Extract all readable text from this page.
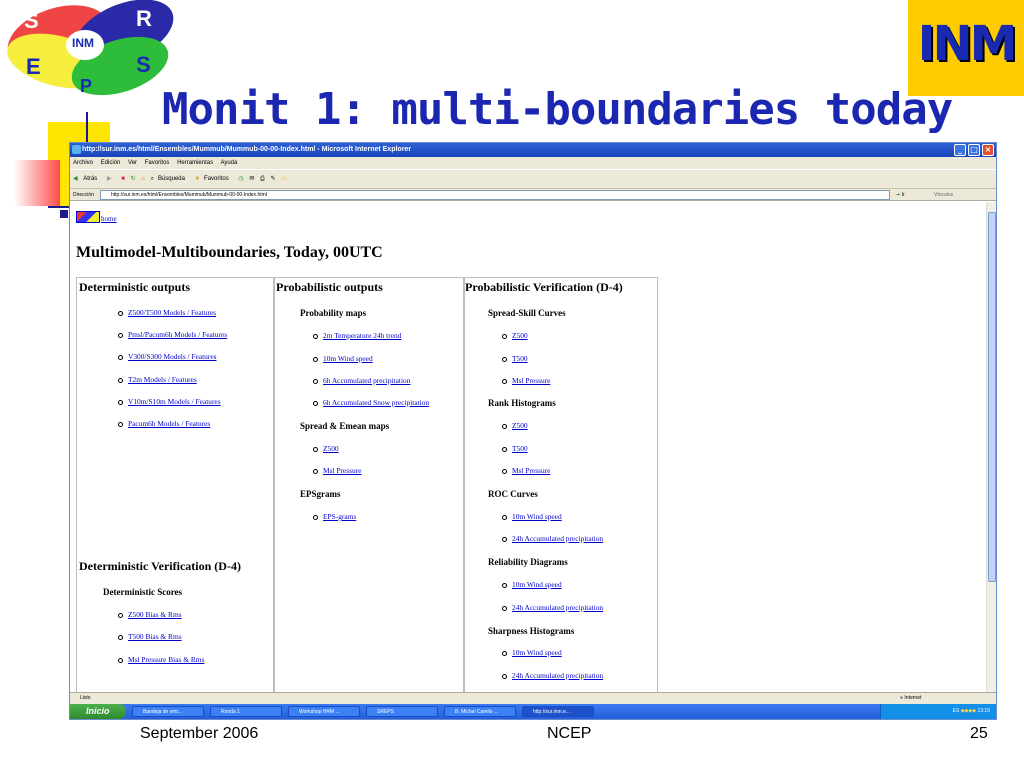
S	R
INM
E	S
P
INM
Monit 1: multi-boundaries today
http://sur.inm.es/html/Ensembles/Mummub/Mummub-00-00-Index.html - Microsoft Internet Explorer	_	□ ×
Archivo Edición Ver Favoritos Herramientas Ayuda
◀ Atrás ▶ ■ ↻ ⌂ ⌕ Búsqueda ★ Favoritos ◷ ✉ ⎙ ✎ ▭
Dirección	http://sur.inm.es/html/Ensembles/Mummub/Mummub-00-00-Index.html	➔ Ir	Vínculos
home
Multimodel-Multiboundaries, Today, 00UTC
Deterministic outputs
Z500/T500 Models / Features
Pmsl/Pacum6h Models / Features
V300/S300 Models / Features
T2m Models / Features
V10m/S10m Models / Features
Pacum6h Models / Features
Deterministic Verification (D-4)
Deterministic Scores
Z500 Bias & Rms
T500 Bias & Rms
Msl Pressure Bias & Rms
Probabilistic outputs
Probability maps
2m Temperature 24h trend
10m Wind speed
6h Accumulated precipitation
6h Accumulated Snow precipitation
Spread & Emean maps
Z500
Msl Pressure
EPSgrams
EPS-grams
Probabilistic Verification (D-4)
Spread-Skill Curves
Z500
T500
Msl Pressure
Rank Histograms
Z500
T500
Msl Pressure
ROC Curves
10m Wind speed
24h Accumulated precipitation
Reliability Diagrams
10m Wind speed
24h Accumulated precipitation
Sharpness Histograms
10m Wind speed
24h Accumulated precipitation
Listo	● Internet
Inicio	Bandeja de entr...	Ronda 1	Workshop HRM ...	SREPS	B. Michel Camilo ...	http://sur.inm.e...	ES ◆◆◆◆ 13:15
September 2006	NCEP	25
